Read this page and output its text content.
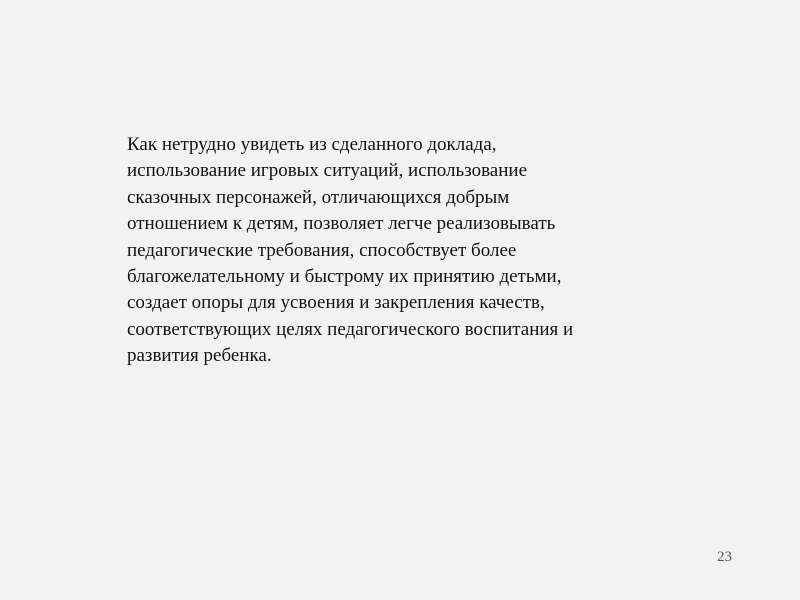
Как нетрудно увидеть из сделанного доклада,
использование игровых ситуаций, использование
сказочных персонажей, отличающихся добрым
отношением к детям, позволяет легче реализовывать
педагогические требования, способствует более
благожелательному и быстрому их принятию детьми,
создает опоры для усвоения и закрепления качеств,
соответствующих целях педагогического воспитания и
развития ребенка.

23
